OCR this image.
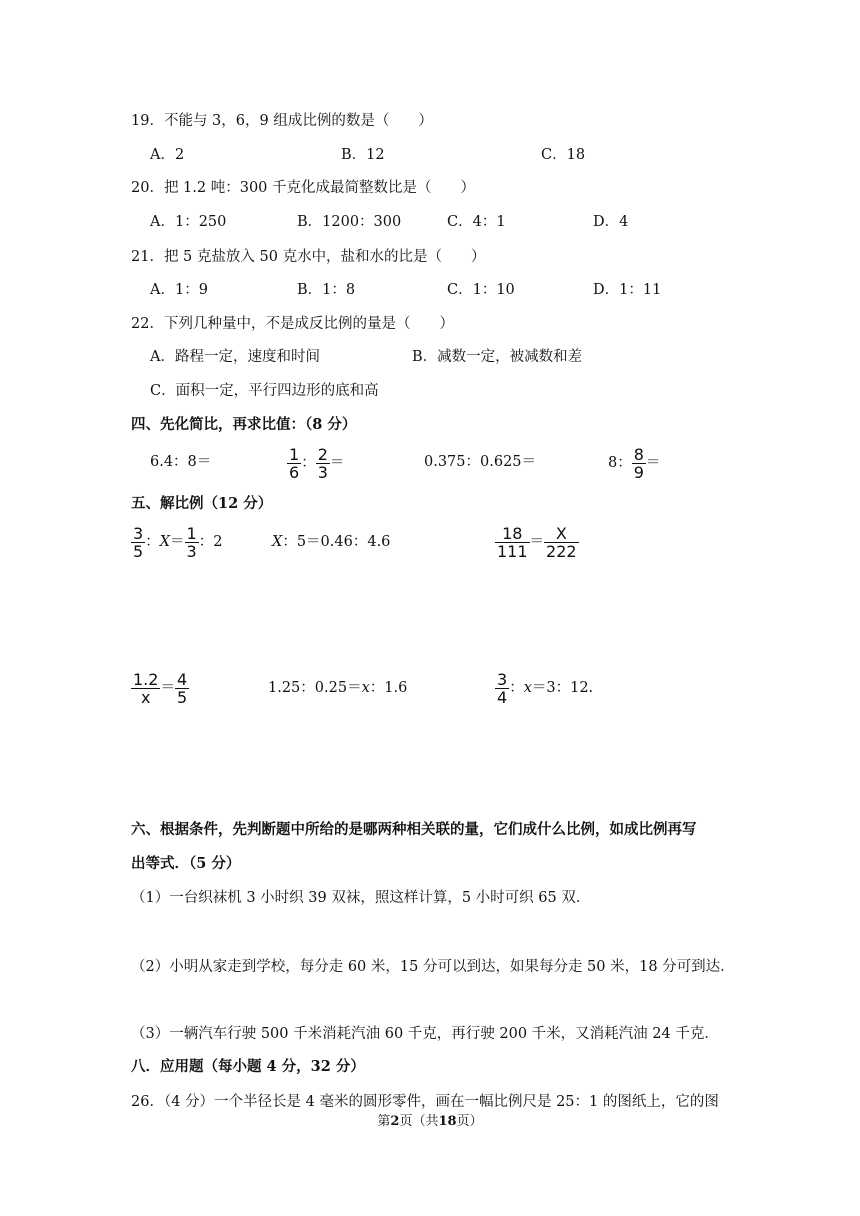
19．不能与 3，6，9 组成比例的数是（　　）
A．2	B．12	C．18
20．把 1.2 吨：300 千克化成最简整数比是（　　）
A．1：250	B．1200：300	C．4：1	D．4
21．把 5 克盐放入 50 克水中，盐和水的比是（　　）
A．1：9	B．1：8	C．1：10	D．1：11
22．下列几种量中，不是成反比例的量是（　　）
A．路程一定，速度和时间	B．减数一定，被减数和差
C．面积一定，平行四边形的底和高
四、先化简比，再求比值：（8 分）
6.4：8＝	$\frac{1}{6}$ ： $\frac{2}{3}$ ＝	0.375：0.625＝	8： $\frac{8}{9}$ ＝
五、解比例（12 分）
$\frac{3}{5}$ ：$X= \frac{1}{3}$ ：2	X：5＝0.46：4.6	$\frac{18}{111} = \frac{X}{222}$
$\frac{1.2}{x} = \frac{4}{5}$	1.25：0.25＝x：1.6	$\frac{3}{4}$ ：x＝3：12.
六、根据条件，先判断题中所给的是哪两种相关联的量，它们成什么比例，如成比例再写
出等式．（5 分）
（1）一台织袜机 3 小时织 39 双袜，照这样计算，5 小时可织 65 双．
（2）小明从家走到学校，每分走 60 米，15 分可以到达，如果每分走 50 米，18 分可到达．
（3）一辆汽车行驶 500 千米消耗汽油 60 千克，再行驶 200 千米，又消耗汽油 24 千克．
八．应用题（每小题 4 分，32 分）
26．（4 分）一个半径长是 4 毫米的圆形零件，画在一幅比例尺是 25：1 的图纸上，它的图
第2页（共18页）
